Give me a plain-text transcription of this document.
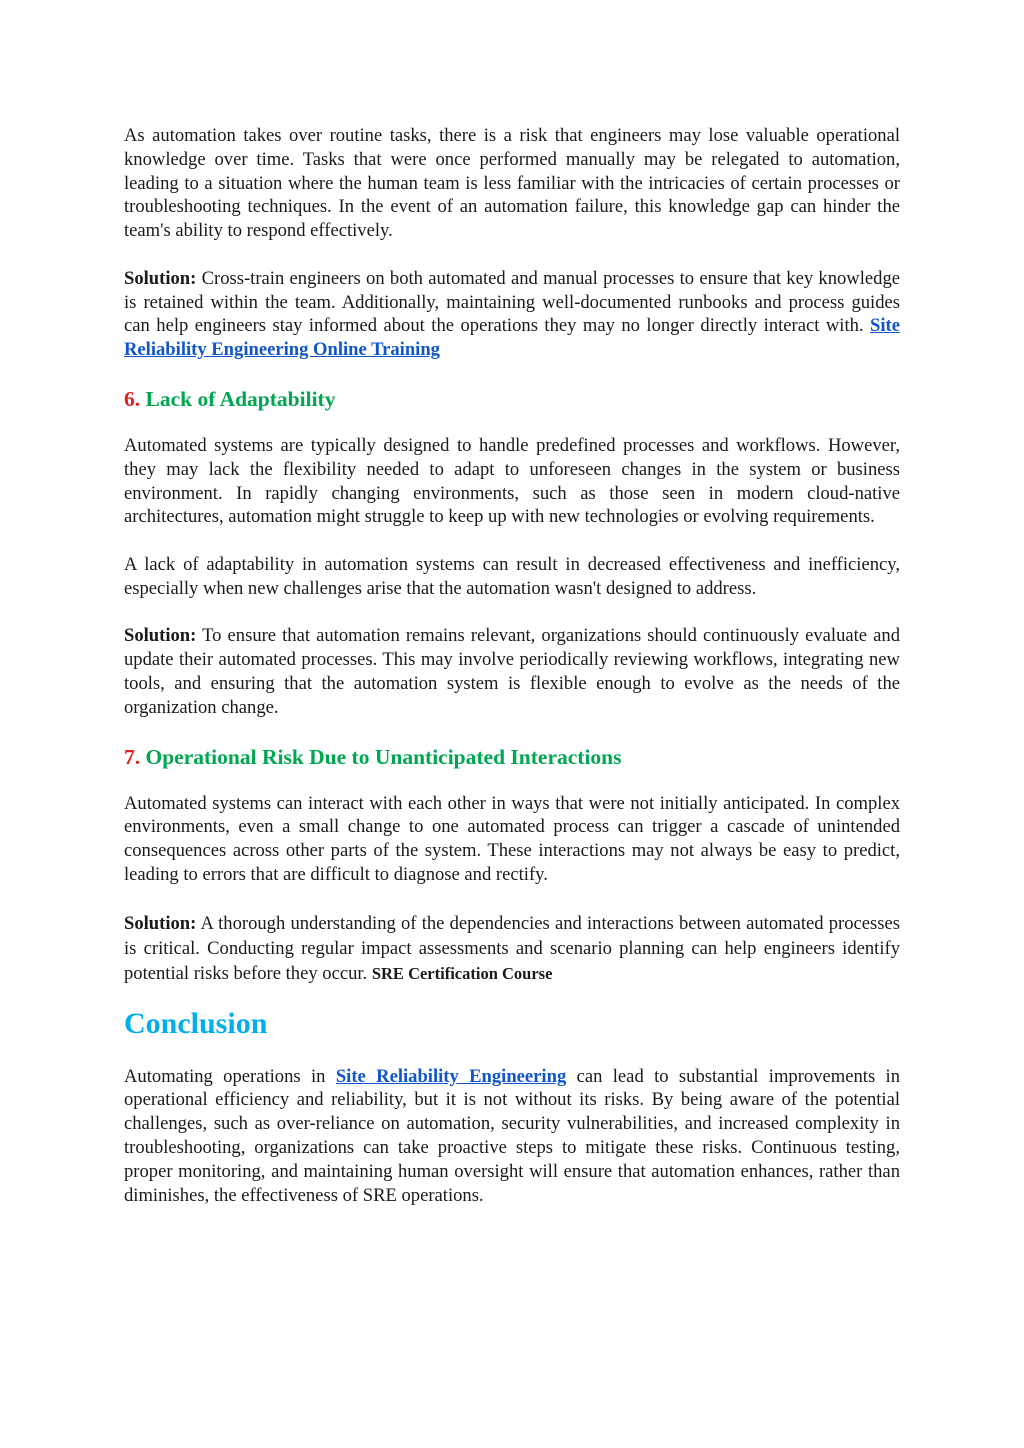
As automation takes over routine tasks, there is a risk that engineers may lose valuable operational knowledge over time. Tasks that were once performed manually may be relegated to automation, leading to a situation where the human team is less familiar with the intricacies of certain processes or troubleshooting techniques. In the event of an automation failure, this knowledge gap can hinder the team's ability to respond effectively.

Solution: Cross-train engineers on both automated and manual processes to ensure that key knowledge is retained within the team. Additionally, maintaining well-documented runbooks and process guides can help engineers stay informed about the operations they may no longer directly interact with. Site Reliability Engineering Online Training

6. Lack of Adaptability

Automated systems are typically designed to handle predefined processes and workflows. However, they may lack the flexibility needed to adapt to unforeseen changes in the system or business environment. In rapidly changing environments, such as those seen in modern cloud-native architectures, automation might struggle to keep up with new technologies or evolving requirements.

A lack of adaptability in automation systems can result in decreased effectiveness and inefficiency, especially when new challenges arise that the automation wasn't designed to address.

Solution: To ensure that automation remains relevant, organizations should continuously evaluate and update their automated processes. This may involve periodically reviewing workflows, integrating new tools, and ensuring that the automation system is flexible enough to evolve as the needs of the organization change.

7. Operational Risk Due to Unanticipated Interactions

Automated systems can interact with each other in ways that were not initially anticipated. In complex environments, even a small change to one automated process can trigger a cascade of unintended consequences across other parts of the system. These interactions may not always be easy to predict, leading to errors that are difficult to diagnose and rectify.

Solution: A thorough understanding of the dependencies and interactions between automated processes is critical. Conducting regular impact assessments and scenario planning can help engineers identify potential risks before they occur. SRE Certification Course

Conclusion

Automating operations in Site Reliability Engineering can lead to substantial improvements in operational efficiency and reliability, but it is not without its risks. By being aware of the potential challenges, such as over-reliance on automation, security vulnerabilities, and increased complexity in troubleshooting, organizations can take proactive steps to mitigate these risks. Continuous testing, proper monitoring, and maintaining human oversight will ensure that automation enhances, rather than diminishes, the effectiveness of SRE operations.
